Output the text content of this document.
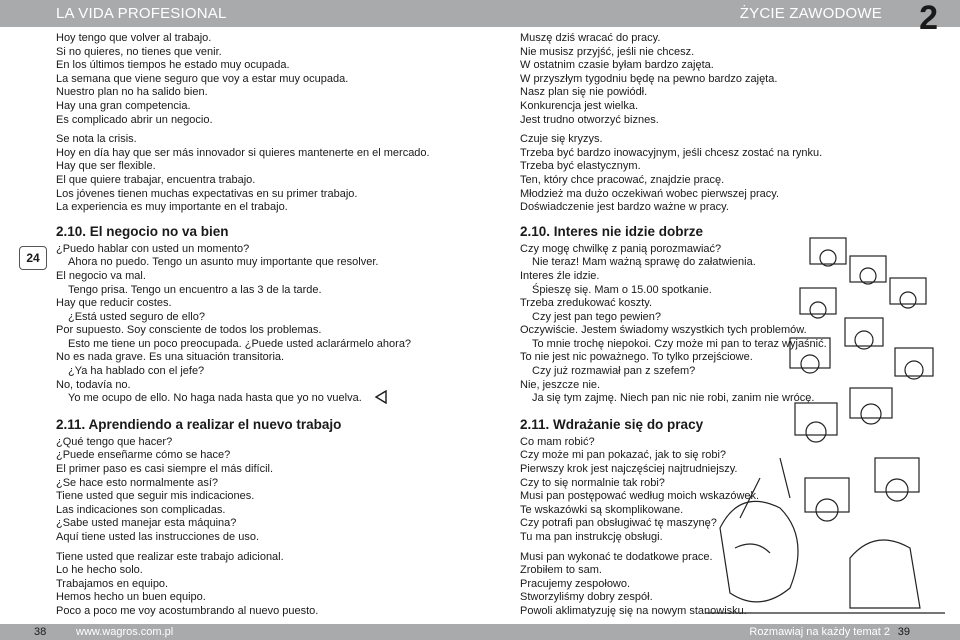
LA VIDA PROFESIONAL	ŻYCIE ZAWODOWE 2
24
Hoy tengo que volver al trabajo.
Si no quieres, no tienes que venir.
En los últimos tiempos he estado muy ocupada.
La semana que viene seguro que voy a estar muy ocupada.
Nuestro plan no ha salido bien.
Hay una gran competencia.
Es complicado abrir un negocio.
Se nota la crisis.
Hoy en día hay que ser más innovador si quieres mantenerte en el mercado.
Hay que ser flexible.
El que quiere trabajar, encuentra trabajo.
Los jóvenes tienen muchas expectativas en su primer trabajo.
La experiencia es muy importante en el trabajo.
2.10. El negocio no va bien
¿Puedo hablar con usted un momento?
Ahora no puedo. Tengo un asunto muy importante que resolver.
El negocio va mal.
Tengo prisa. Tengo un encuentro a las 3 de la tarde.
Hay que reducir costes.
¿Está usted seguro de ello?
Por supuesto. Soy consciente de todos los problemas.
Esto me tiene un poco preocupada. ¿Puede usted aclarármelo ahora?
No es nada grave. Es una situación transitoria.
¿Ya ha hablado con el jefe?
No, todavía no.
Yo me ocupo de ello. No haga nada hasta que yo no vuelva.
2.11. Aprendiendo a realizar el nuevo trabajo
¿Qué tengo que hacer?
¿Puede enseñarme cómo se hace?
El primer paso es casi siempre el más difícil.
¿Se hace esto normalmente así?
Tiene usted que seguir mis indicaciones.
Las indicaciones son complicadas.
¿Sabe usted manejar esta máquina?
Aquí tiene usted las instrucciones de uso.
Tiene usted que realizar este trabajo adicional.
Lo he hecho solo.
Trabajamos en equipo.
Hemos hecho un buen equipo.
Poco a poco me voy acostumbrando al nuevo puesto.
Muszę dziś wracać do pracy.
Nie musisz przyjść, jeśli nie chcesz.
W ostatnim czasie byłam bardzo zajęta.
W przyszłym tygodniu będę na pewno bardzo zajęta.
Nasz plan się nie powiódł.
Konkurencja jest wielka.
Jest trudno otworzyć biznes.
Czuje się kryzys.
Trzeba być bardzo inowacyjnym, jeśli chcesz zostać na rynku.
Trzeba być elastycznym.
Ten, który chce pracować, znajdzie pracę.
Młodzież ma dużo oczekiwań wobec pierwszej pracy.
Doświadczenie jest bardzo ważne w pracy.
2.10. Interes nie idzie dobrze
Czy mogę chwilkę z panią porozmawiać?
Nie teraz! Mam ważną sprawę do załatwienia.
Interes źle idzie.
Śpieszę się. Mam o 15.00 spotkanie.
Trzeba zredukować koszty.
Czy jest pan tego pewien?
Oczywiście. Jestem świadomy wszystkich tych problemów.
To mnie trochę niepokoi. Czy może mi pan to teraz wyjaśnić.
To nie jest nic poważnego. To tylko przejściowe.
Czy już rozmawiał pan z szefem?
Nie, jeszcze nie.
Ja się tym zajmę. Niech pan nic nie robi, zanim nie wrócę.
2.11. Wdrażanie się do pracy
Co mam robić?
Czy może mi pan pokazać, jak to się robi?
Pierwszy krok jest najczęściej najtrudniejszy.
Czy to się normalnie tak robi?
Musi pan postępować według moich wskazówek.
Te wskazówki są skomplikowane.
Czy potrafi pan obsługiwać tę maszynę?
Tu ma pan instrukcję obsługi.
Musi pan wykonać te dodatkowe prace.
Zrobiłem to sam.
Pracujemy zespołowo.
Stworzyliśmy dobry zespół.
Powoli aklimatyzuję się na nowym stanowisku.
38	www.wagros.com.pl	Rozmawiaj na każdy temat 2 39
